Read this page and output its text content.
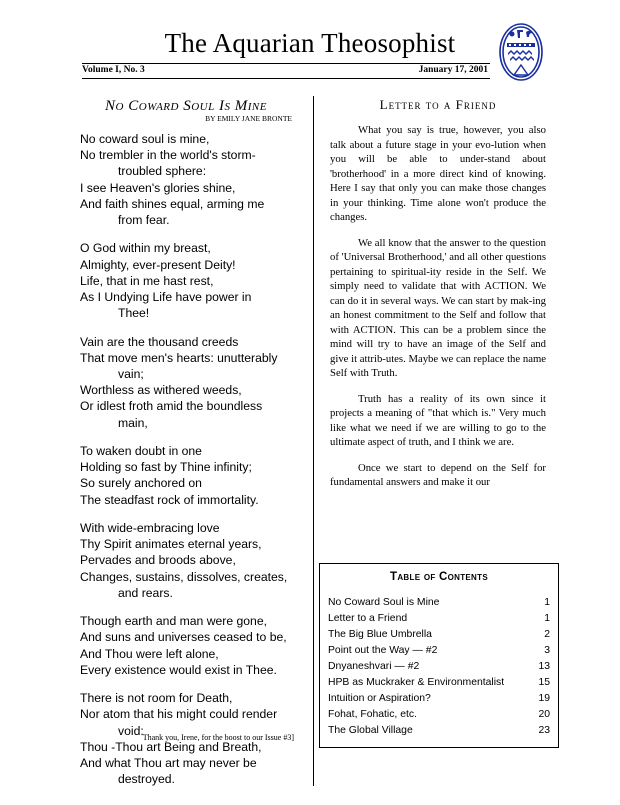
The Aquarian Theosophist
Volume I, No. 3	January 17, 2001
No Coward Soul Is Mine
BY EMILY JANE BRONTE
No coward soul is mine,
No trembler in the world's storm-
troubled sphere:
I see Heaven's glories shine,
And faith shines equal, arming me
from fear.
O God within my breast,
Almighty, ever-present Deity!
Life, that in me hast rest,
As I Undying Life have power in
Thee!
Vain are the thousand creeds
That move men's hearts: unutterably
vain;
Worthless as withered weeds,
Or idlest froth amid the boundless
main,
To waken doubt in one
Holding so fast by Thine infinity;
So surely anchored on
The steadfast rock of immortality.
With wide-embracing love
Thy Spirit animates eternal years,
Pervades and broods above,
Changes, sustains, dissolves, creates,
and rears.
Though earth and man were gone,
And suns and universes ceased to be,
And Thou were left alone,
Every existence would exist in Thee.
There is not room for Death,
Nor atom that his might could render
void:
Thou -Thou art Being and Breath,
And what Thou art may never be
destroyed.
Thank you, Irene, for the boost to our Issue #3]
Letter to a Friend

What you say is true, however, you also talk about a future stage in your evo-lution when you will be able to under-stand about 'brotherhood' in a more direct kind of knowing. Here I say that only you can make those changes in your thinking. Time alone won't produce the changes.

We all know that the answer to the question of 'Universal Brotherhood,' and all other questions pertaining to spiritual-ity reside in the Self. We simply need to validate that with ACTION. We can do it in several ways. We can start by mak-ing an honest commitment to the Self and follow that with ACTION. This can be a problem since the mind will try to have an image of the Self and give it attrib-utes. Maybe we can replace the name Self with Truth.

Truth has a reality of its own since it projects a meaning of "that which is." Very much like what we need if we are willing to go to the ultimate aspect of truth, and I think we are.

Once we start to depend on the Self for fundamental answers and make it our

Table of Contents
No Coward Soul is Mine	1
Letter to a Friend	1
The Big Blue Umbrella	2
Point out the Way — #2	3
Dnyaneshvari — #2	13
HPB as Muckraker & Environmentalist	15
Intuition or Aspiration?	19
Fohat, Fohatic, etc.	20
The Global Village	23
